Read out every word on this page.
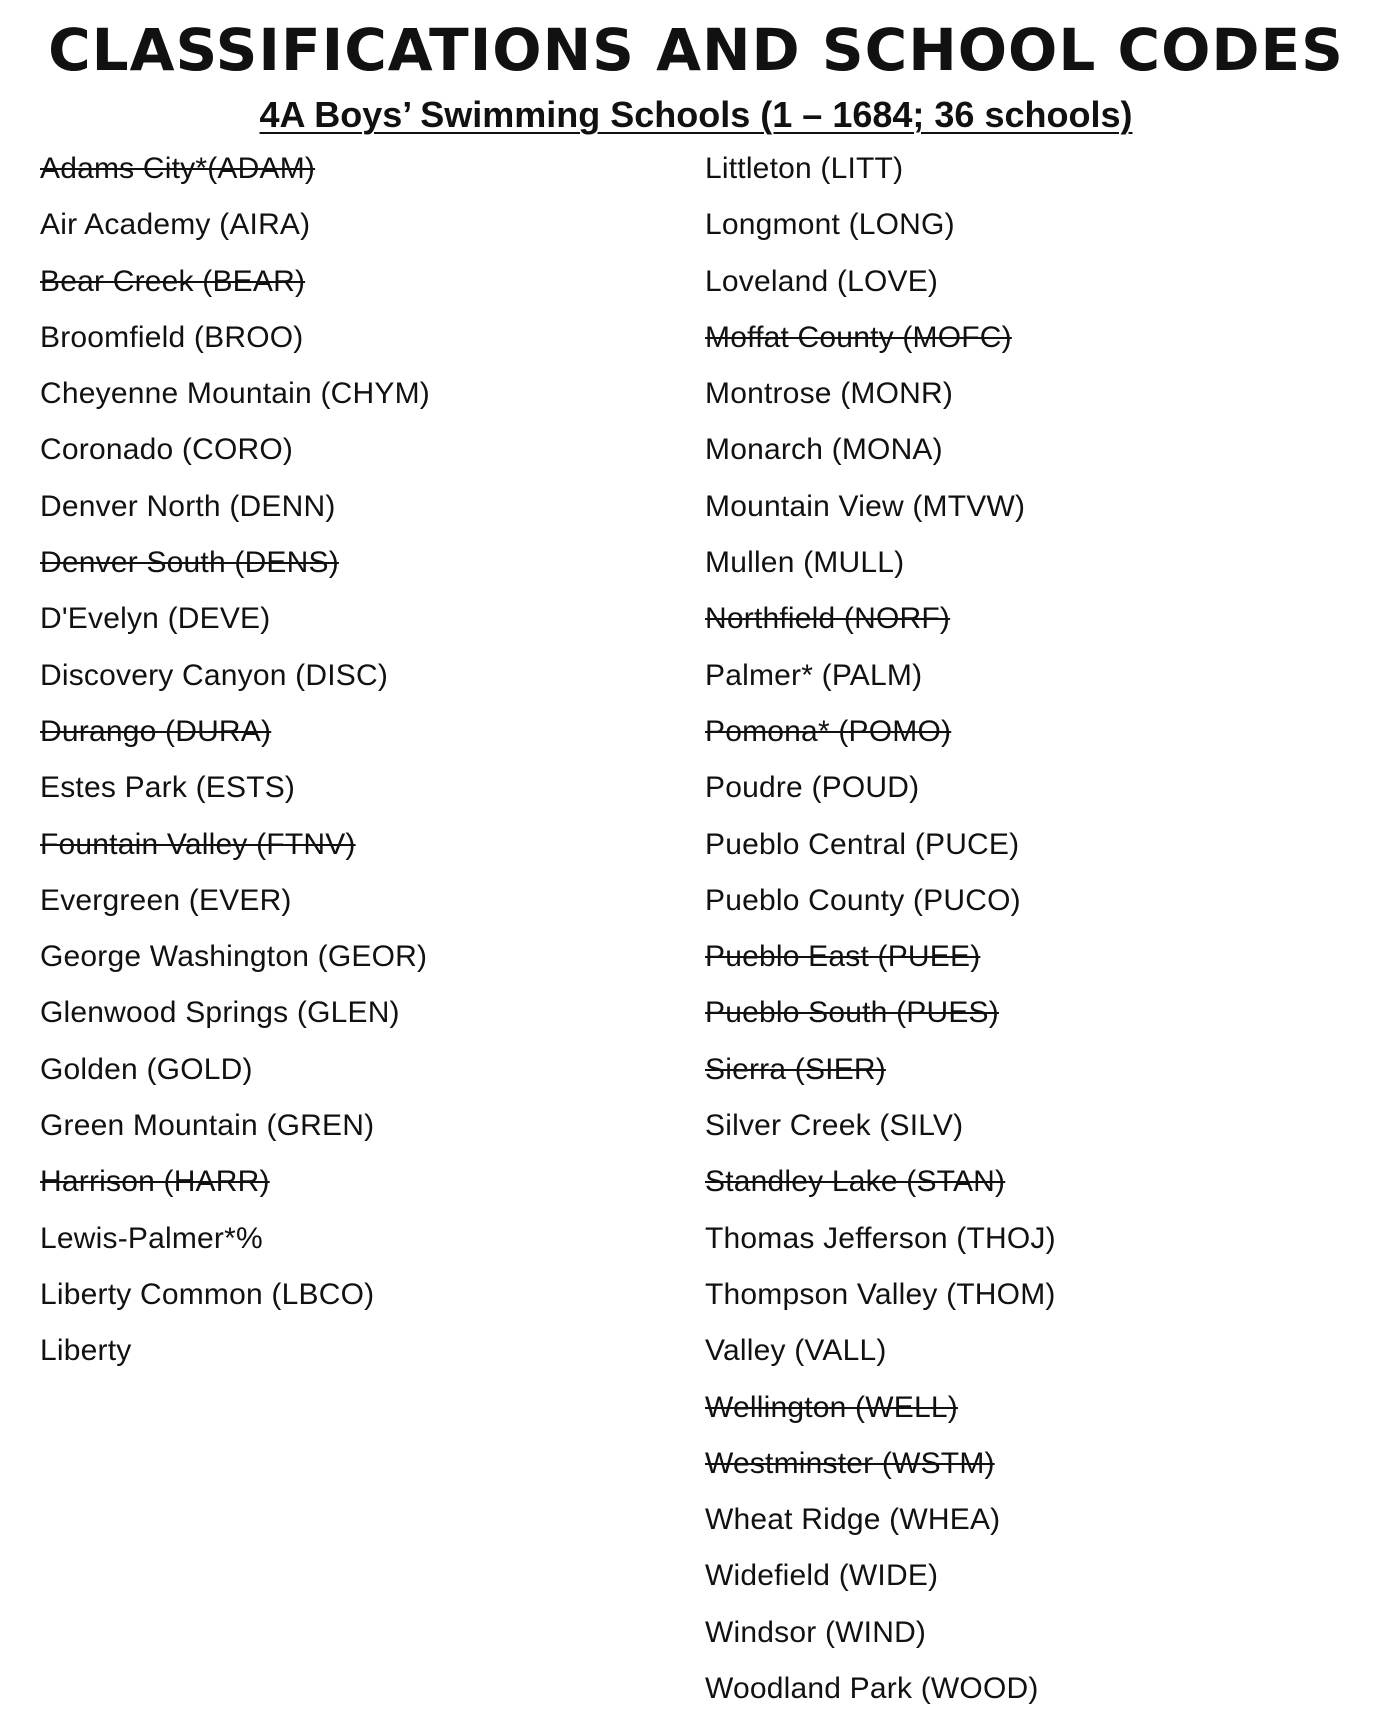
CLASSIFICATIONS AND SCHOOL CODES
4A Boys’ Swimming Schools (1 – 1684; 36 schools)
Adams City*(ADAM)
Air Academy (AIRA)
Bear Creek (BEAR)
Broomfield (BROO)
Cheyenne Mountain (CHYM)
Coronado (CORO)
Denver North (DENN)
Denver South (DENS)
D'Evelyn (DEVE)
Discovery Canyon (DISC)
Durango (DURA)
Estes Park (ESTS)
Fountain Valley (FTNV)
Evergreen (EVER)
George Washington (GEOR)
Glenwood Springs (GLEN)
Golden (GOLD)
Green Mountain (GREN)
Harrison (HARR)
Lewis-Palmer*%
Liberty Common (LBCO)
Liberty
Littleton (LITT)
Longmont (LONG)
Loveland (LOVE)
Moffat County (MOFC)
Montrose (MONR)
Monarch (MONA)
Mountain View (MTVW)
Mullen (MULL)
Northfield (NORF)
Palmer* (PALM)
Pomona* (POMO)
Poudre (POUD)
Pueblo Central (PUCE)
Pueblo County (PUCO)
Pueblo East (PUEE)
Pueblo South (PUES)
Sierra (SIER)
Silver Creek (SILV)
Standley Lake (STAN)
Thomas Jefferson (THOJ)
Thompson Valley (THOM)
Valley (VALL)
Wellington (WELL)
Westminster (WSTM)
Wheat Ridge (WHEA)
Widefield (WIDE)
Windsor (WIND)
Woodland Park (WOOD)
